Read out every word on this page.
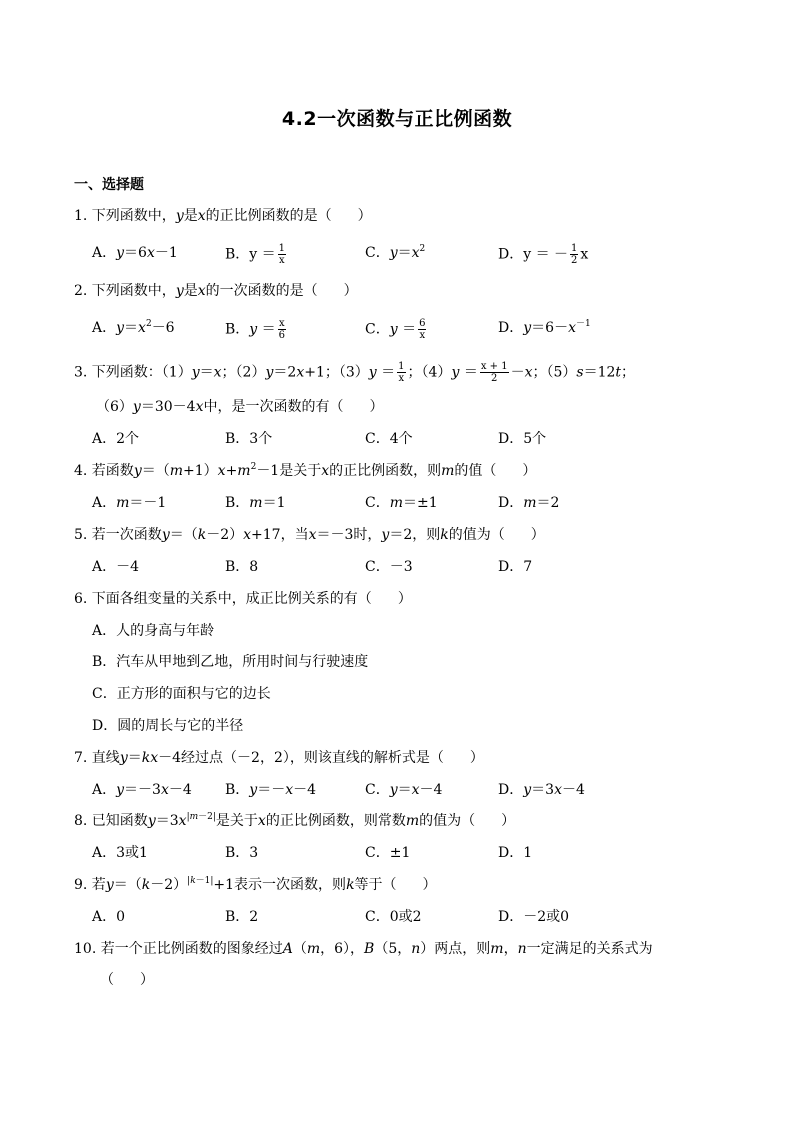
4.2一次函数与正比例函数
一、选择题
1. 下列函数中，y是x的正比例函数的是（ ）
A．y＝6x－1	B．$y = \frac{1}{x}$	C．$y=x^2$	D．y ＝ － $\frac{1}{2}$ x
2. 下列函数中，y是x的一次函数的是（ ）
A．$y=x^2-6$	B．$y = \frac{x}{6}$	C．$y = \frac{6}{x}$	D．$y=6-x^{-1}$
3. 下列函数：（1）y＝x；（2）y＝2x+1；$(3)y = \frac{1}{x}$ ；$(4)y = \frac{x + 1}{2} -x$；（5）s＝12t；
（6）y＝30－4x中，是一次函数的有（ ）
A．2个	B．3个	C．4个	D．5个
4. 若函数$y=(m+1)x+m^2-1$是关于x的正比例函数，则m的值（ ）
A．m＝－1	B．m＝1	C．m＝±1	D．m＝2
5. 若一次函数y＝（k－2）x+17，当x＝－3时，y＝2，则k的值为（ ）
A．－4	B．8	C．－3	D．7
6. 下面各组变量的关系中，成正比例关系的有（ ）
A．人的身高与年龄
B．汽车从甲地到乙地，所用时间与行驶速度
C．正方形的面积与它的边长
D．圆的周长与它的半径
7. 直线y＝kx－4经过点（－2，2），则该直线的解析式是（ ）
A．y＝－3x－4 B．y＝－x－4	C．y＝x－4	D．y＝3x－4
8. 已知函数$y=3x^{|m-2|}$是关于x的正比例函数，则常数m的值为（ ）
A．3或1	B．3	C．±1	D．1
9. 若$y=(k-2)^{|k-1|}+1$表示一次函数，则k等于（ ）
A．0	B．2	C．0或2	D．－2或0
10. 若一个正比例函数的图象经过A（m，6），B（5，n）两点，则m，n一定满足的关系式为
（ ）
